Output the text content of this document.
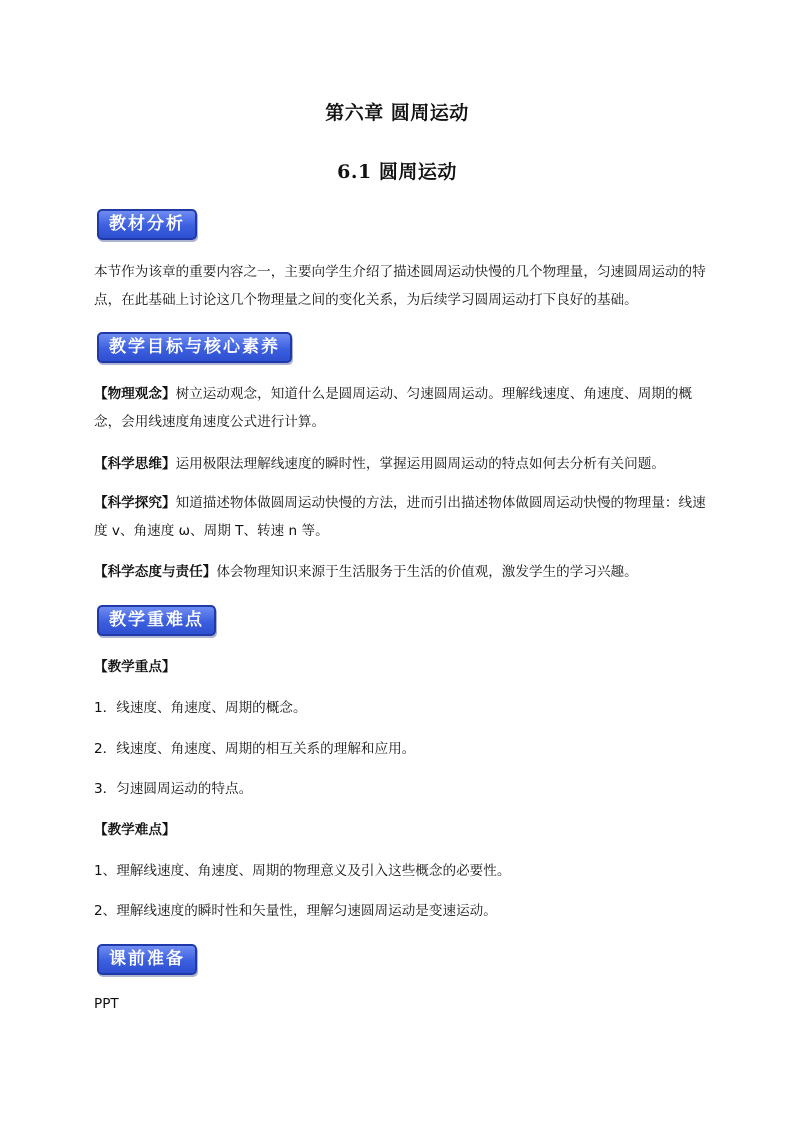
第六章 圆周运动
6.1 圆周运动
教材分析
本节作为该章的重要内容之一，主要向学生介绍了描述圆周运动快慢的几个物理量，匀速圆周运动的特点，在此基础上讨论这几个物理量之间的变化关系，为后续学习圆周运动打下良好的基础。
教学目标与核心素养
【物理观念】树立运动观念，知道什么是圆周运动、匀速圆周运动。理解线速度、角速度、周期的概念，会用线速度角速度公式进行计算。
【科学思维】运用极限法理解线速度的瞬时性，掌握运用圆周运动的特点如何去分析有关问题。
【科学探究】知道描述物体做圆周运动快慢的方法，进而引出描述物体做圆周运动快慢的物理量：线速度 v、角速度 ω、周期 T、转速 n 等。
【科学态度与责任】体会物理知识来源于生活服务于生活的价值观，激发学生的学习兴趣。
教学重难点
【教学重点】
1．线速度、角速度、周期的概念。
2．线速度、角速度、周期的相互关系的理解和应用。
3．匀速圆周运动的特点。
【教学难点】
1、理解线速度、角速度、周期的物理意义及引入这些概念的必要性。
2、理解线速度的瞬时性和矢量性，理解匀速圆周运动是变速运动。
课前准备
PPT
